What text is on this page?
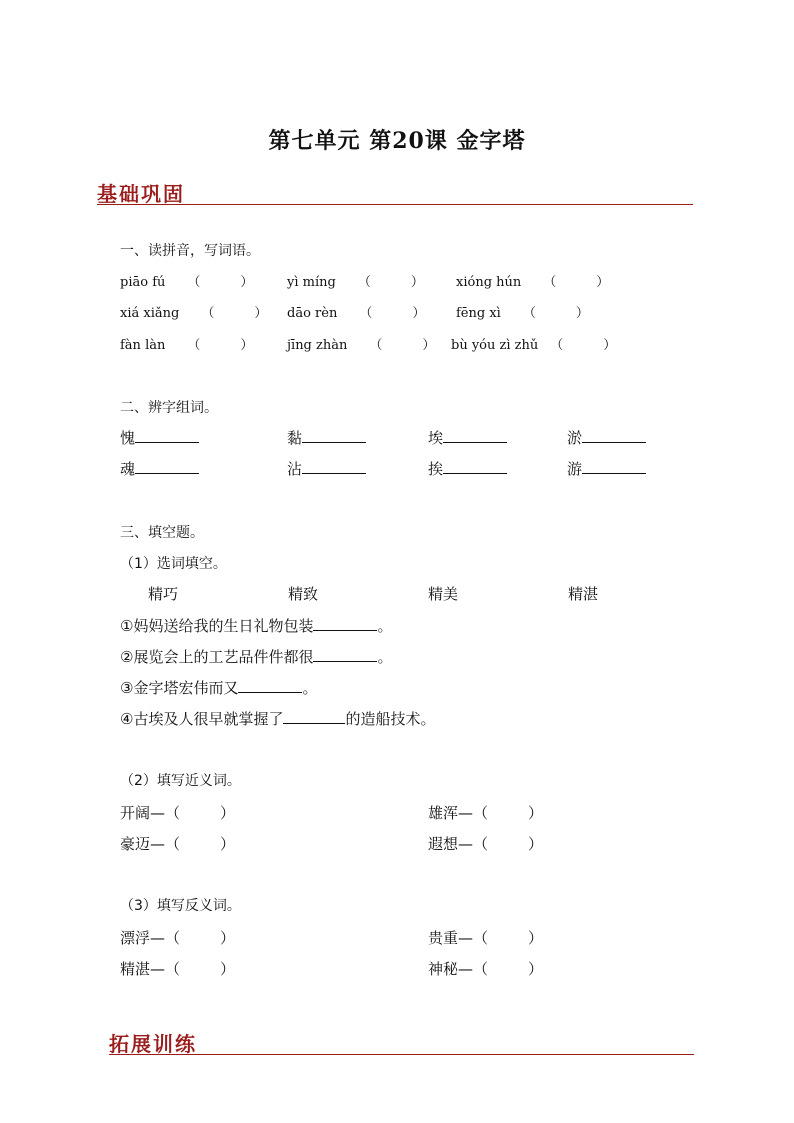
第七单元 第20课 金字塔
基础巩固
一、读拼音，写词语。
piāo fú （	）	yì míng （	） xióng hún （	）
xiá xiǎng （	） dāo rèn （	） fēng xì （	）
fàn làn （	）	jīng zhàn （	） bù yóu zì zhǔ （	）
二、辨字组词。
愧	黏	埃	淤
魂	沾	挨	游
三、填空题。
（1）选词填空。
精巧	精致	精美	精湛
①妈妈送给我的生日礼物包装	。
②展览会上的工艺品件件都很	。
③金字塔宏伟而又	。
④古埃及人很早就掌握了	的造船技术。
（2）填写近义词。
开阔—（	）	雄浑—（	）
豪迈—（	）	遐想—（	）
（3）填写反义词。
漂浮—（	）	贵重—（	）
精湛—（	）	神秘—（	）
拓展训练
